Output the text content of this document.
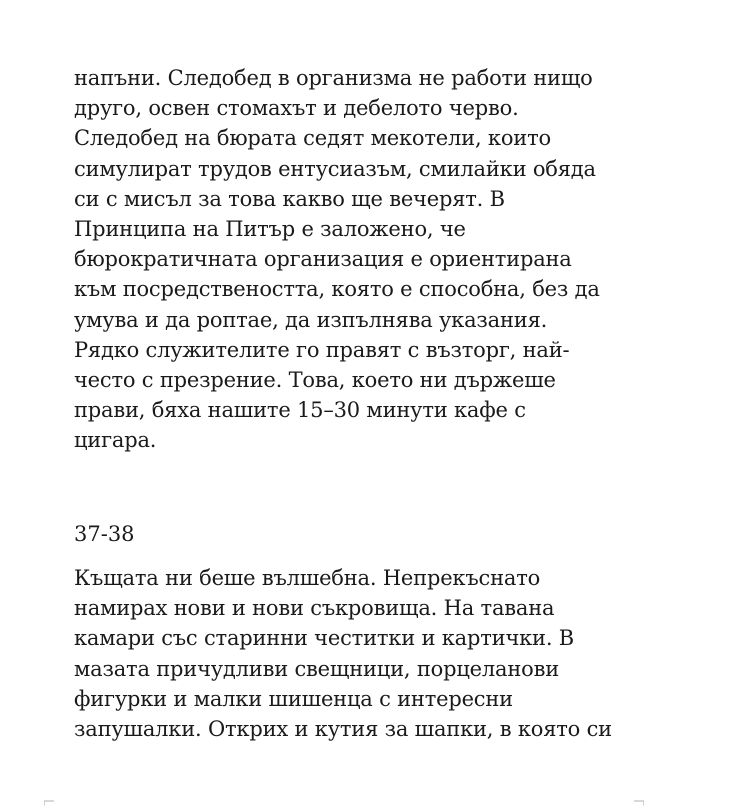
напъни. Следобед в организма не работи нищо
друго, освен стомахът и дебелото черво.
Следобед на бюрата седят мекотели, които
симулират трудов ентусиазъм, смилайки обяда
си с мисъл за това какво ще вечерят. В
Принципа на Питър е заложено, че
бюрократичната организация е ориентирана
към посредствеността, която е способна, без да
умува и да роптае, да изпълнява указания.
Рядко служителите го правят с възторг, най-
често с презрение. Това, което ни държеше
прави, бяха нашите 15–30 минути кафе с
цигара.
37-38
Къщата ни беше вълшебна. Непрекъснато
намирах нови и нови съкровища. На тавана
камари със старинни честитки и картички. В
мазата причудливи свещници, порцеланови
фигурки и малки шишенца с интересни
запушалки. Открих и кутия за шапки, в която си
